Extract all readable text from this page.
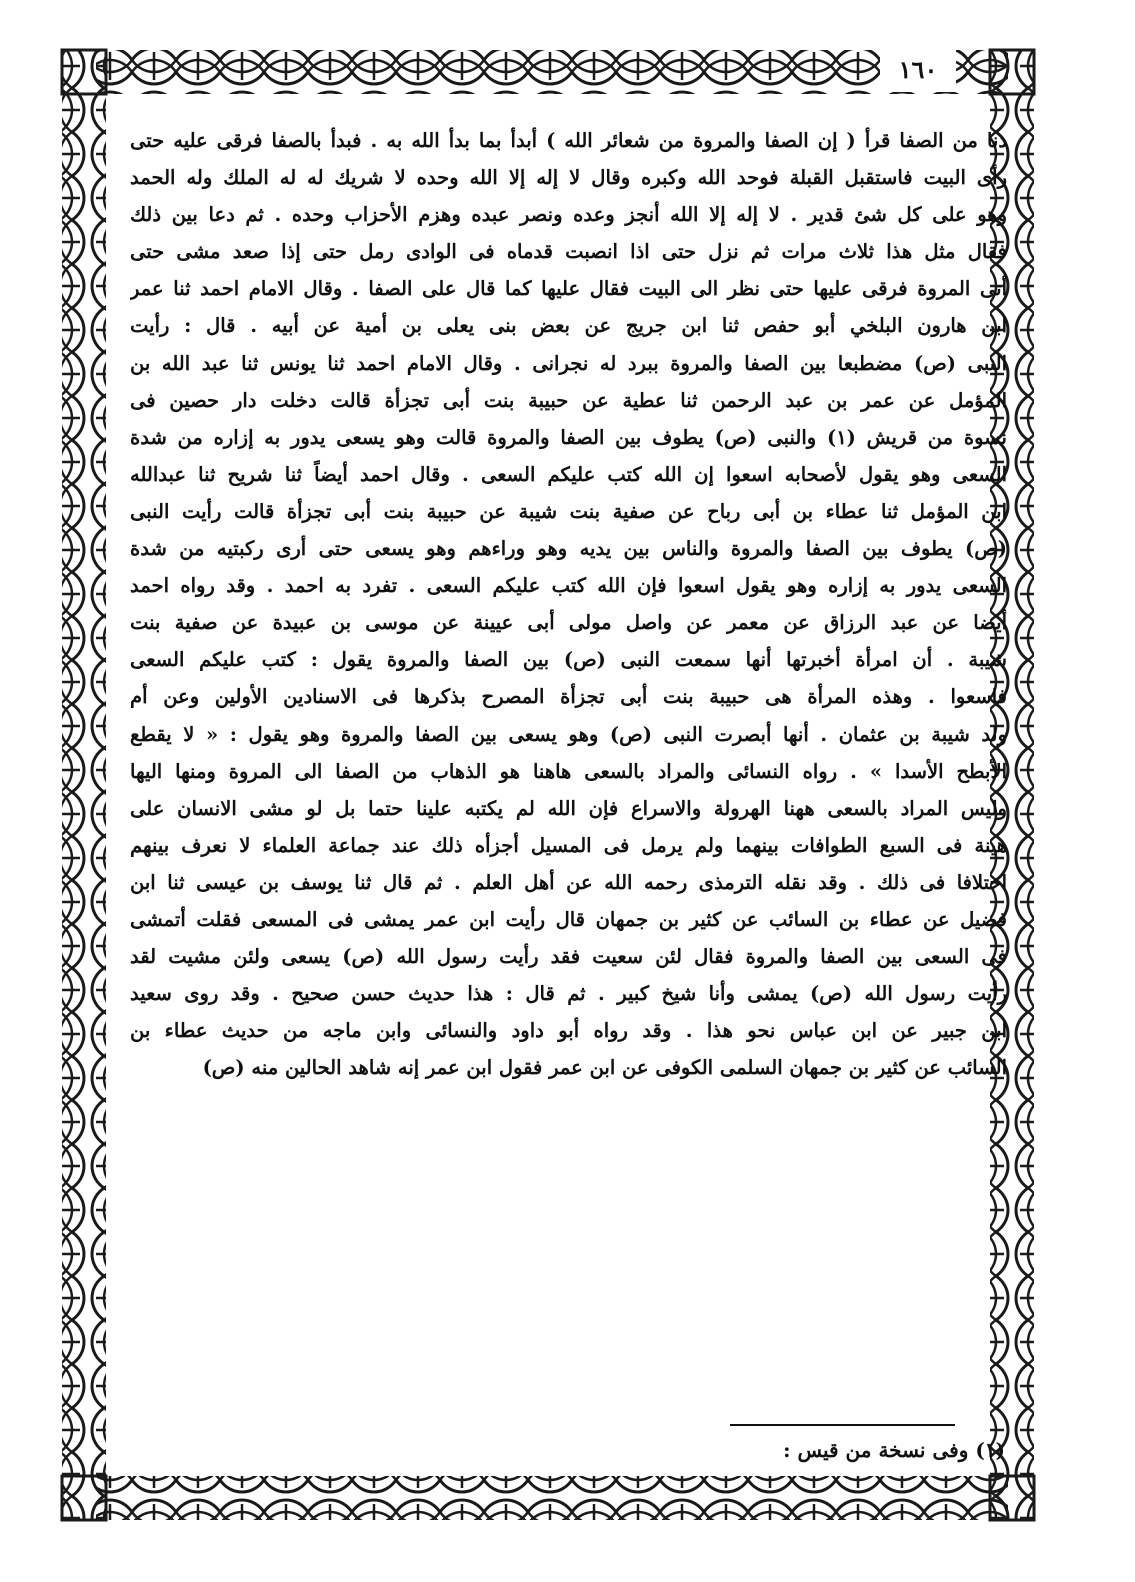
١٦٠
دنا من الصفا قرأ ( إن الصفا والمروة من شعائر الله ) أبدأ بما بدأ الله به . فبدأ بالصفا فرقى عليه حتى
رأى البيت فاستقبل القبلة فوحد الله وكبره وقال لا إله إلا الله وحده لا شريك له له الملك وله الحمد
وهو على كل شئ قدير . لا إله إلا الله أنجز وعده ونصر عبده وهزم الأحزاب وحده . ثم دعا بين ذلك
فقال مثل هذا ثلاث مرات ثم نزل حتى اذا انصبت قدماه فى الوادى رمل حتى إذا صعد مشى حتى
أتى المروة فرقى عليها حتى نظر الى البيت فقال عليها كما قال على الصفا . وقال الامام احمد ثنا عمر
ابن هارون البلخي أبو حفص ثنا ابن جريج عن بعض بنى يعلى بن أمية عن أبيه . قال : رأيت
النبى (ص) مضطبعا بين الصفا والمروة ببرد له نجرانى . وقال الامام احمد ثنا يونس ثنا عبد الله بن
المؤمل عن عمر بن عبد الرحمن ثنا عطية عن حبيبة بنت أبى تجزأة قالت دخلت دار حصين فى
نسوة من قريش (١) والنبى (ص) يطوف بين الصفا والمروة قالت وهو يسعى يدور به إزاره من شدة
السعى وهو يقول لأصحابه اسعوا إن الله كتب عليكم السعى . وقال احمد أيضاً ثنا شريح ثنا عبدالله
ابن المؤمل ثنا عطاء بن أبى رباح عن صفية بنت شيبة عن حبيبة بنت أبى تجزأة قالت رأيت النبى
(ص) يطوف بين الصفا والمروة والناس بين يديه وهو وراءهم وهو يسعى حتى أرى ركبتيه من شدة
السعى يدور به إزاره وهو يقول اسعوا فإن الله كتب عليكم السعى . تفرد به احمد . وقد رواه احمد
أيضا عن عبد الرزاق عن معمر عن واصل مولى أبى عيينة عن موسى بن عبيدة عن صفية بنت
شيبة . أن امرأة أخبرتها أنها سمعت النبى (ص) بين الصفا والمروة يقول : كتب عليكم السعى
فاسعوا . وهذه المرأة هى حبيبة بنت أبى تجزأة المصرح بذكرها فى الاسنادين الأولين وعن أم
ولد شيبة بن عثمان . أنها أبصرت النبى (ص) وهو يسعى بين الصفا والمروة وهو يقول : « لا يقطع
الأبطح الأسدا » . رواه النسائى والمراد بالسعى هاهنا هو الذهاب من الصفا الى المروة ومنها اليها
وليس المراد بالسعى ههنا الهرولة والاسراع فإن الله لم يكتبه علينا حتما بل لو مشى الانسان على
هينة فى السبع الطوافات بينهما ولم يرمل فى المسيل أجزأه ذلك عند جماعة العلماء لا نعرف بينهم
اختلافا فى ذلك . وقد نقله الترمذى رحمه الله عن أهل العلم . ثم قال ثنا يوسف بن عيسى ثنا ابن
فضيل عن عطاء بن السائب عن كثير بن جمهان قال رأيت ابن عمر يمشى فى المسعى فقلت أتمشى
فى السعى بين الصفا والمروة فقال لئن سعيت فقد رأيت رسول الله (ص) يسعى ولئن مشيت لقد
رأيت رسول الله (ص) يمشى وأنا شيخ كبير . ثم قال : هذا حديث حسن صحيح . وقد روى سعيد
ابن جبير عن ابن عباس نحو هذا . وقد رواه أبو داود والنسائى وابن ماجه من حديث عطاء بن
السائب عن كثير بن جمهان السلمى الكوفى عن ابن عمر فقول ابن عمر إنه شاهد الحالين منه (ص)
(١) وفى نسخة من قيس :
